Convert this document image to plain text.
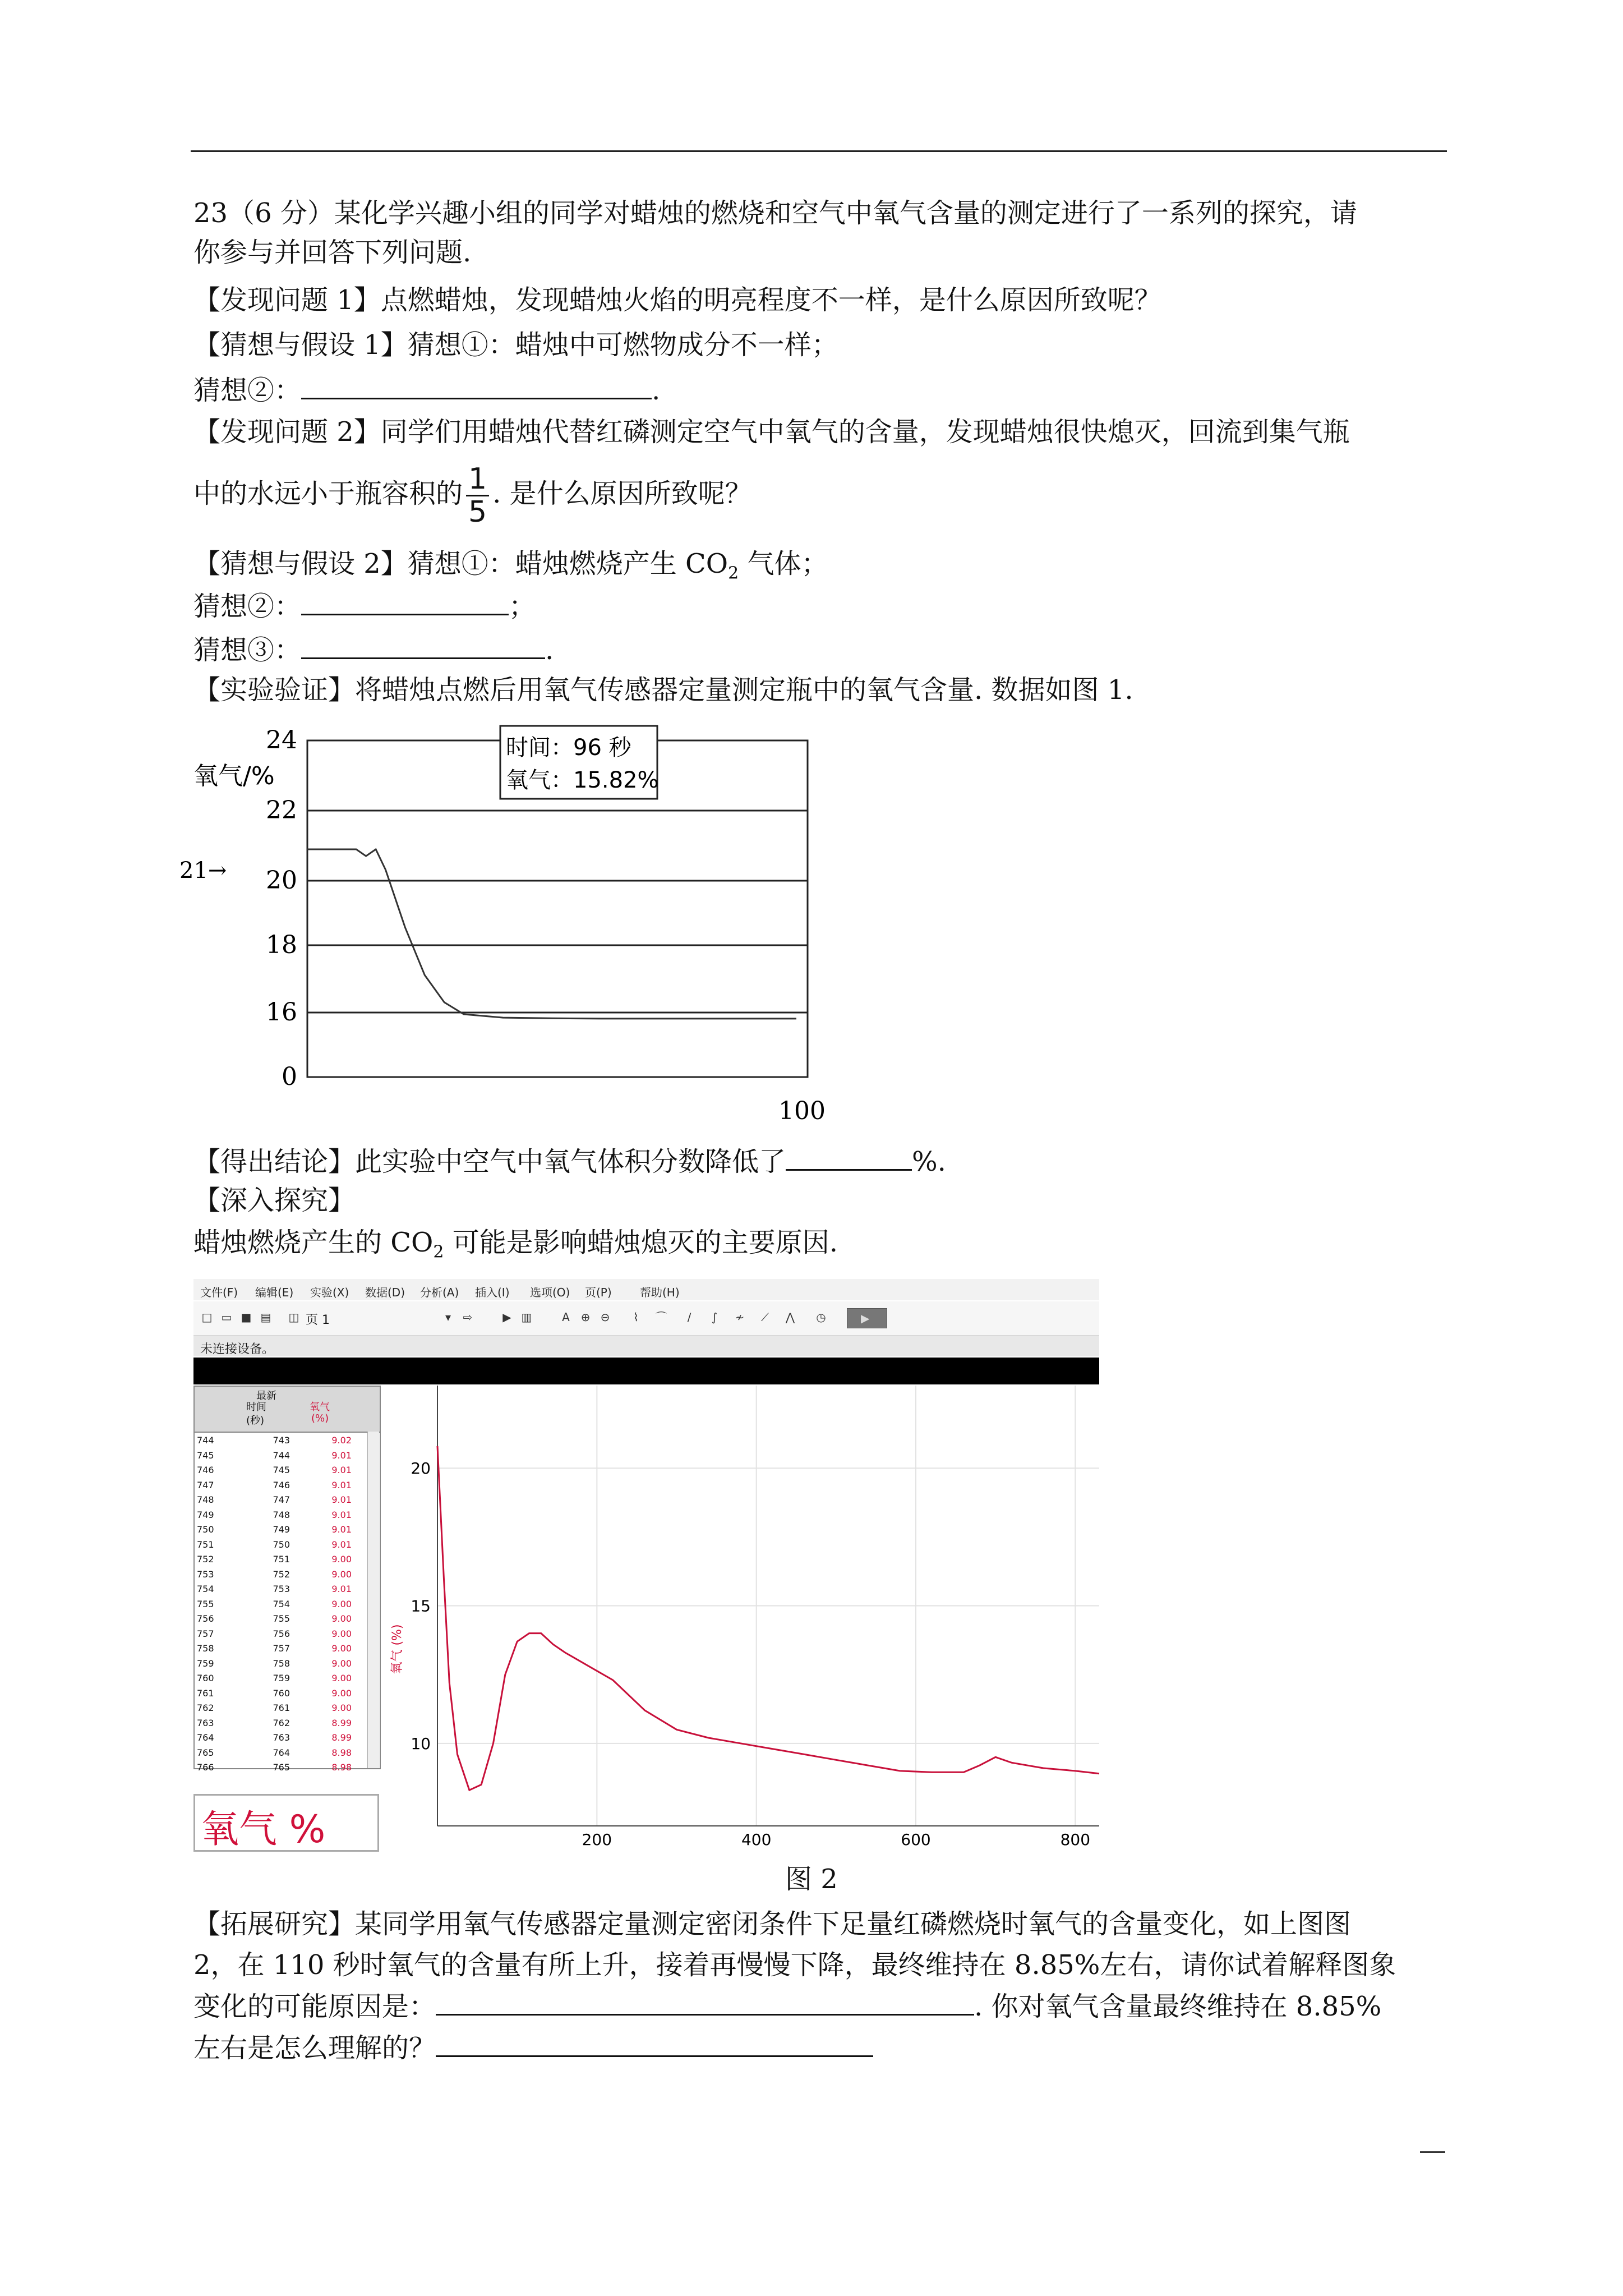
23（6 分）某化学兴趣小组的同学对蜡烛的燃烧和空气中氧气含量的测定进行了一系列的探究，请
你参与并回答下列问题.
【发现问题 1】点燃蜡烛，发现蜡烛火焰的明亮程度不一样，是什么原因所致呢？
【猜想与假设 1】猜想①：蜡烛中可燃物成分不一样；
猜想②：	.
【发现问题 2】同学们用蜡烛代替红磷测定空气中氧气的含量，发现蜡烛很快熄灭，回流到集气瓶
中的水远小于瓶容积的 $\frac{1}{5}$ . 是什么原因所致呢？
【猜想与假设 2】猜想①：蜡烛燃烧产生 $CO_2$ 气体；
猜想②：	；
猜想③：	.
【实验验证】将蜡烛点燃后用氧气传感器定量测定瓶中的氧气含量. 数据如图 1.
氧气/%
24
22
20
18
16
0
100
21→
时间：96 秒
氧气：15.82%
【得出结论】此实验中空气中氧气体积分数降低了	%.
【深入探究】
蜡烛燃烧产生的 $CO_2$ 可能是影响蜡烛熄灭的主要原因.
文件(F) 编辑(E) 实验(X) 数据(D) 分析(A) 插入(I) 选项(O) 页(P)	帮助(H)
□ ▭ ■ ▤ ◫ 页 1	▾	⇨	▶ ▥	A ⊕ ⊖	⌇	⌒	∕	∫	≁	⟋	⋀ ◷	▶
未连接设备。
最新
时间
(秒)
氧气
(%)
744	743	9.02
745	744	9.01
746	745	9.01
747	746	9.01
748	747	9.01
749	748	9.01
750	749	9.01
751	750	9.01
752	751	9.00
753	752	9.00
754	753	9.01
755	754	9.00
756	755	9.00
757	756	9.00
758	757	9.00
759	758	9.00
760	759	9.00
761	760	9.00
762	761	9.00
763	762	8.99
764	763	8.99
765	764	8.98
766	765	8.98
氧气 %	200	400	600	800
10
15
20
氧气 (%)
图 2
【拓展研究】某同学用氧气传感器定量测定密闭条件下足量红磷燃烧时氧气的含量变化，如上图图
2，在 110 秒时氧气的含量有所上升，接着再慢慢下降，最终维持在 8.85%左右，请你试着解释图象
变化的可能原因是：	. 你对氧气含量最终维持在 8.85%
左右是怎么理解的？
